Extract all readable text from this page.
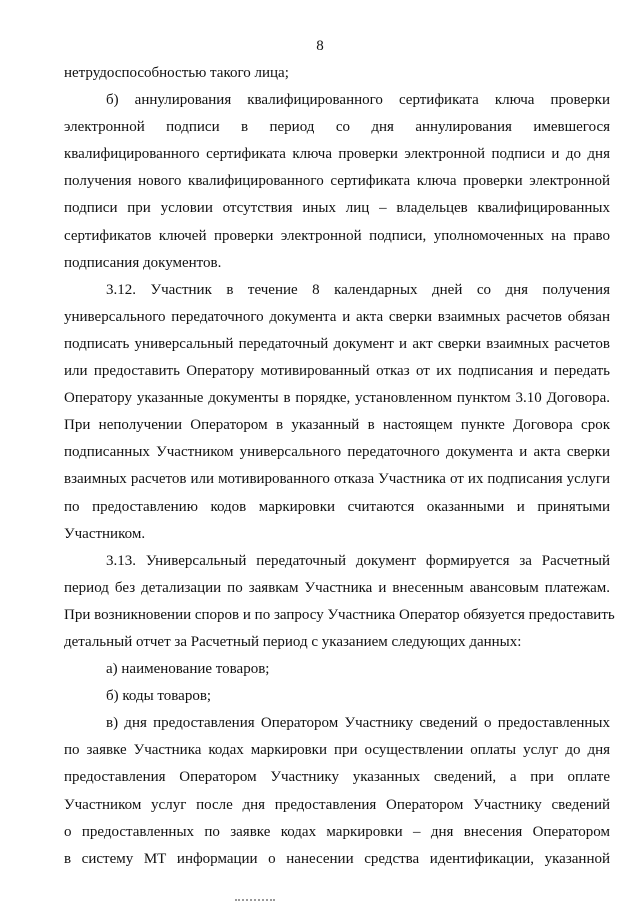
8
нетрудоспособностью такого лица;
б) аннулирования квалифицированного сертификата ключа проверки
электронной подписи в период со дня аннулирования имевшегося
квалифицированного сертификата ключа проверки электронной подписи и до дня
получения нового квалифицированного сертификата ключа проверки электронной
подписи при условии отсутствия иных лиц – владельцев квалифицированных
сертификатов ключей проверки электронной подписи, уполномоченных на право
подписания документов.
3.12. Участник в течение 8 календарных дней со дня получения
универсального передаточного документа и акта сверки взаимных расчетов обязан
подписать универсальный передаточный документ и акт сверки взаимных расчетов
или предоставить Оператору мотивированный отказ от их подписания и передать
Оператору указанные документы в порядке, установленном пунктом 3.10 Договора.
При неполучении Оператором в указанный в настоящем пункте Договора срок
подписанных Участником универсального передаточного документа и акта сверки
взаимных расчетов или мотивированного отказа Участника от их подписания услуги
по предоставлению кодов маркировки считаются оказанными и принятыми
Участником.
3.13. Универсальный передаточный документ формируется за Расчетный
период без детализации по заявкам Участника и внесенным авансовым платежам.
При возникновении споров и по запросу Участника Оператор обязуется предоставить
детальный отчет за Расчетный период с указанием следующих данных:
а) наименование товаров;
б) коды товаров;
в) дня предоставления Оператором Участнику сведений о предоставленных
по заявке Участника кодах маркировки при осуществлении оплаты услуг до дня
предоставления Оператором Участнику указанных сведений, а при оплате
Участником услуг после дня предоставления Оператором Участнику сведений
о предоставленных по заявке кодах маркировки – дня внесения Оператором
в систему МТ информации о нанесении средства идентификации, указанной
